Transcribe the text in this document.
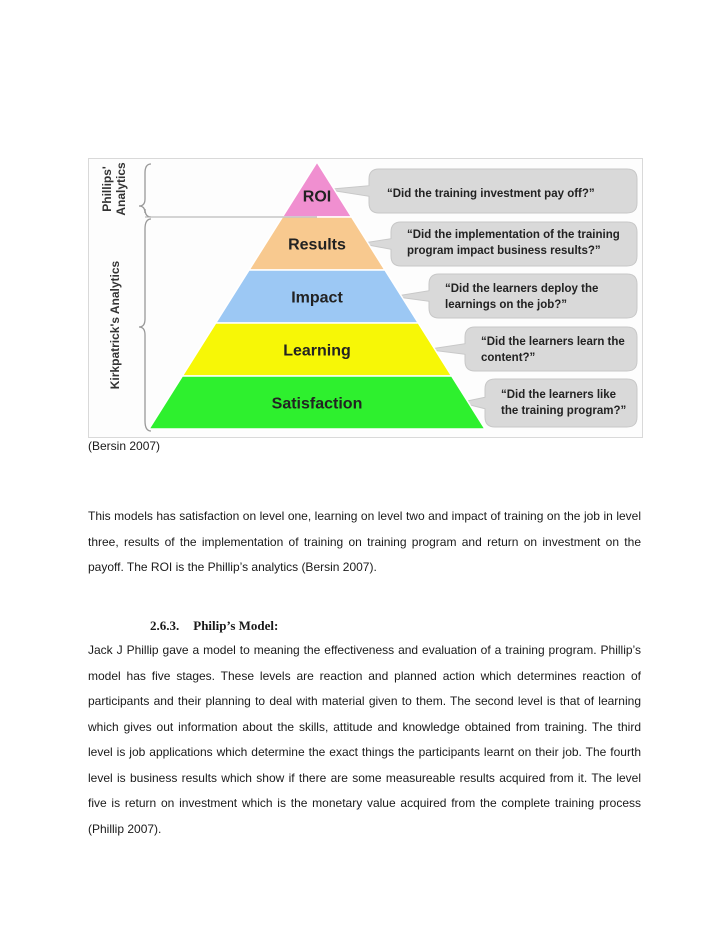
ROI	“Did the training investment pay off?”
Results
“Did the implementation of the training
program impact business results?”
Impact
“Did the learners deploy the
learnings on the job?”
Learning
“Did the learners learn the
content?”
Satisfaction
“Did the learners like
the training program?”
Phillips' Analytics
Kirkpatrick's Analytics
(Bersin 2007)

This models has satisfaction on level one, learning on level two and impact of training on the job in level
three, results of the implementation of training on training program and return on investment on the
payoff. The ROI is the Phillip’s analytics (Bersin 2007).

2.6.3. Philip’s Model:

Jack J Phillip gave a model to meaning the effectiveness and evaluation of a training program. Phillip’s
model has five stages. These levels are reaction and planned action which determines reaction of
participants and their planning to deal with material given to them. The second level is that of learning
which gives out information about the skills, attitude and knowledge obtained from training. The third
level is job applications which determine the exact things the participants learnt on their job. The fourth
level is business results which show if there are some measureable results acquired from it. The level
five is return on investment which is the monetary value acquired from the complete training process
(Phillip 2007).
